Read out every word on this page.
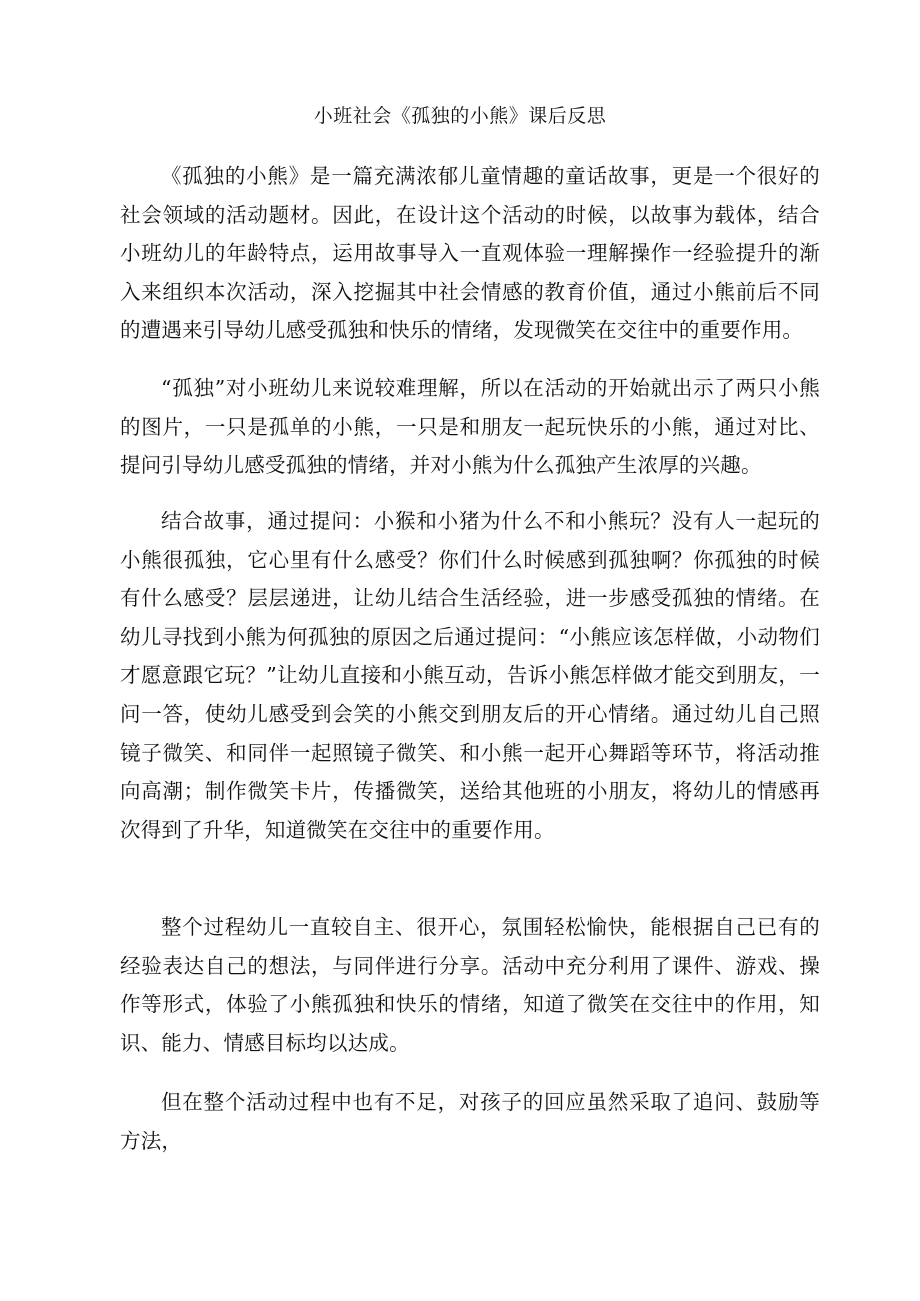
小班社会《孤独的小熊》课后反思

《孤独的小熊》是一篇充满浓郁儿童情趣的童话故事，更是一个很好的社会领域的活动题材。因此，在设计这个活动的时候，以故事为载体，结合小班幼儿的年龄特点，运用故事导入一直观体验一理解操作一经验提升的渐入来组织本次活动，深入挖掘其中社会情感的教育价值，通过小熊前后不同的遭遇来引导幼儿感受孤独和快乐的情绪，发现微笑在交往中的重要作用。

“孤独”对小班幼儿来说较难理解，所以在活动的开始就出示了两只小熊的图片，一只是孤单的小熊，一只是和朋友一起玩快乐的小熊，通过对比、提问引导幼儿感受孤独的情绪，并对小熊为什么孤独产生浓厚的兴趣。

结合故事，通过提问：小猴和小猪为什么不和小熊玩？没有人一起玩的小熊很孤独，它心里有什么感受？你们什么时候感到孤独啊？你孤独的时候有什么感受？层层递进，让幼儿结合生活经验，进一步感受孤独的情绪。在幼儿寻找到小熊为何孤独的原因之后通过提问：“小熊应该怎样做，小动物们才愿意跟它玩？”让幼儿直接和小熊互动，告诉小熊怎样做才能交到朋友，一问一答，使幼儿感受到会笑的小熊交到朋友后的开心情绪。通过幼儿自己照镜子微笑、和同伴一起照镜子微笑、和小熊一起开心舞蹈等环节，将活动推向高潮；制作微笑卡片，传播微笑，送给其他班的小朋友，将幼儿的情感再次得到了升华，知道微笑在交往中的重要作用。

整个过程幼儿一直较自主、很开心，氛围轻松愉快，能根据自己已有的经验表达自己的想法，与同伴进行分享。活动中充分利用了课件、游戏、操作等形式，体验了小熊孤独和快乐的情绪，知道了微笑在交往中的作用，知识、能力、情感目标均以达成。

但在整个活动过程中也有不足，对孩子的回应虽然采取了追问、鼓励等方法，
